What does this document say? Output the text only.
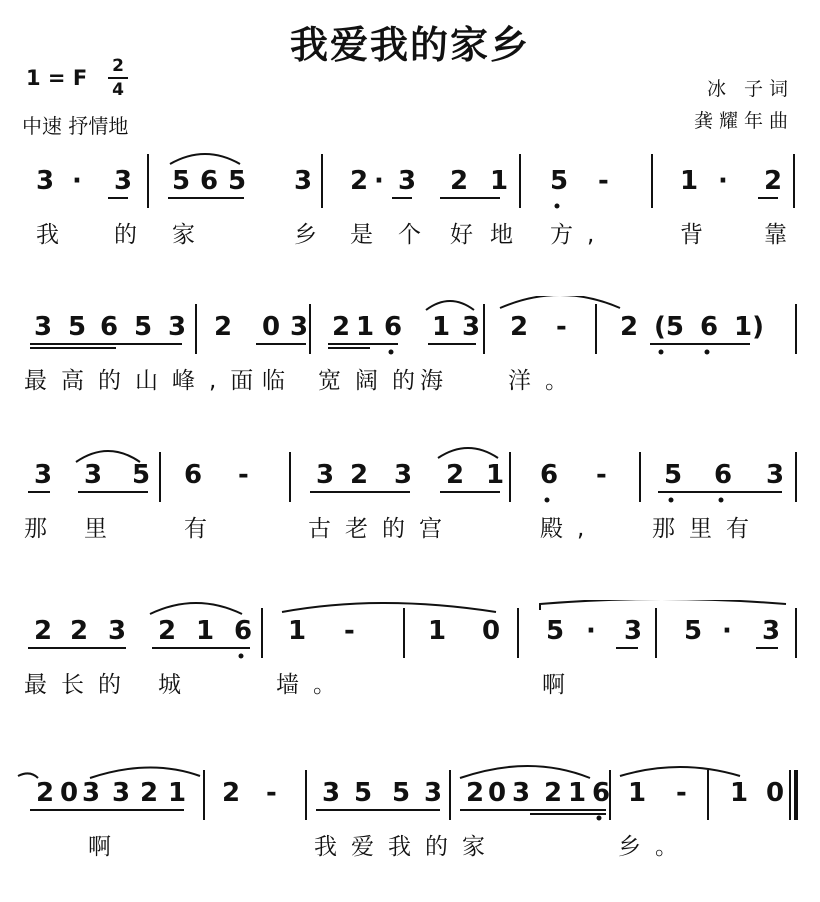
我爱我的家乡
1 = F 2
4
中速 抒情地
冰 子词
龚耀年曲
3 · 3 5 6 5 3 2 · 3 2 1 5 -	1 · 2
我 的 家	乡 是 个 好 地 方,	背 靠
3 5 6 5 3 2 0 3 2 1 6 1 3 2 - 2 (5 6 1)
最高的山峰,面
临 宽阔的
海 洋。
3 3 5 6 -	3 2 3 2 1 6 - 5 6 3
那 里	有	古老的宫	殿, 那里有
2 2 3 2 1 6 1 -	1 0 5 · 3 5 · 3
最长的 城	墙。	啊
2 0 3 3 2 1 2 - 3 5 5 3 2 0 3 2 1 6 1 - 1 0
啊	我爱我的家	乡。
